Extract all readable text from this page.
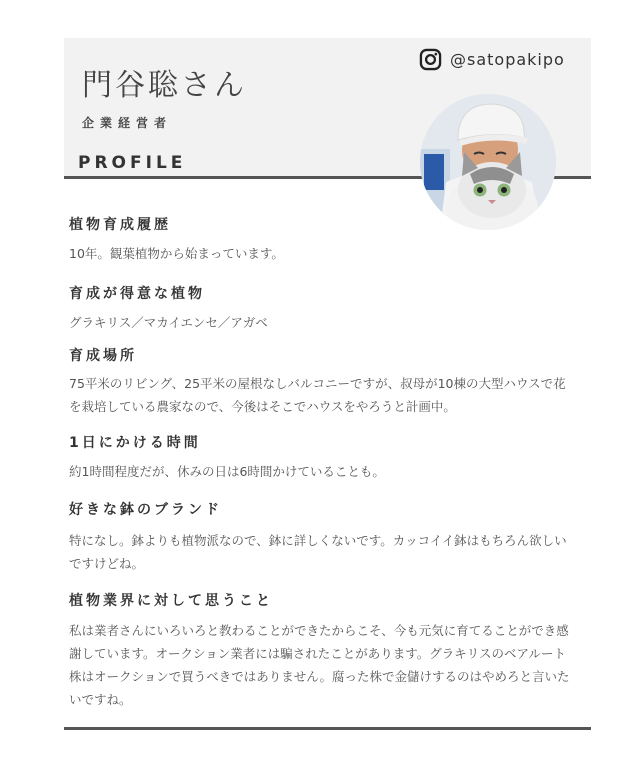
門谷聡さん
企業経営者
PROFILE
@satopakipo

植物育成履歴

10年。観葉植物から始まっています。

育成が得意な植物

グラキリス／マカイエンセ／アガベ

育成場所

75平米のリビング、25平米の屋根なしバルコニーですが、叔母が10棟の大型ハウスで花を栽培している農家なので、今後はそこでハウスをやろうと計画中。

1日にかける時間

約1時間程度だが、休みの日は6時間かけていることも。

好きな鉢のブランド

特になし。鉢よりも植物派なので、鉢に詳しくないです。カッコイイ鉢はもちろん欲しいですけどね。

植物業界に対して思うこと

私は業者さんにいろいろと教わることができたからこそ、今も元気に育てることができ感謝しています。オークション業者には騙されたことがあります。グラキリスのベアルート株はオークションで買うべきではありません。腐った株で金儲けするのはやめろと言いたいですね。
